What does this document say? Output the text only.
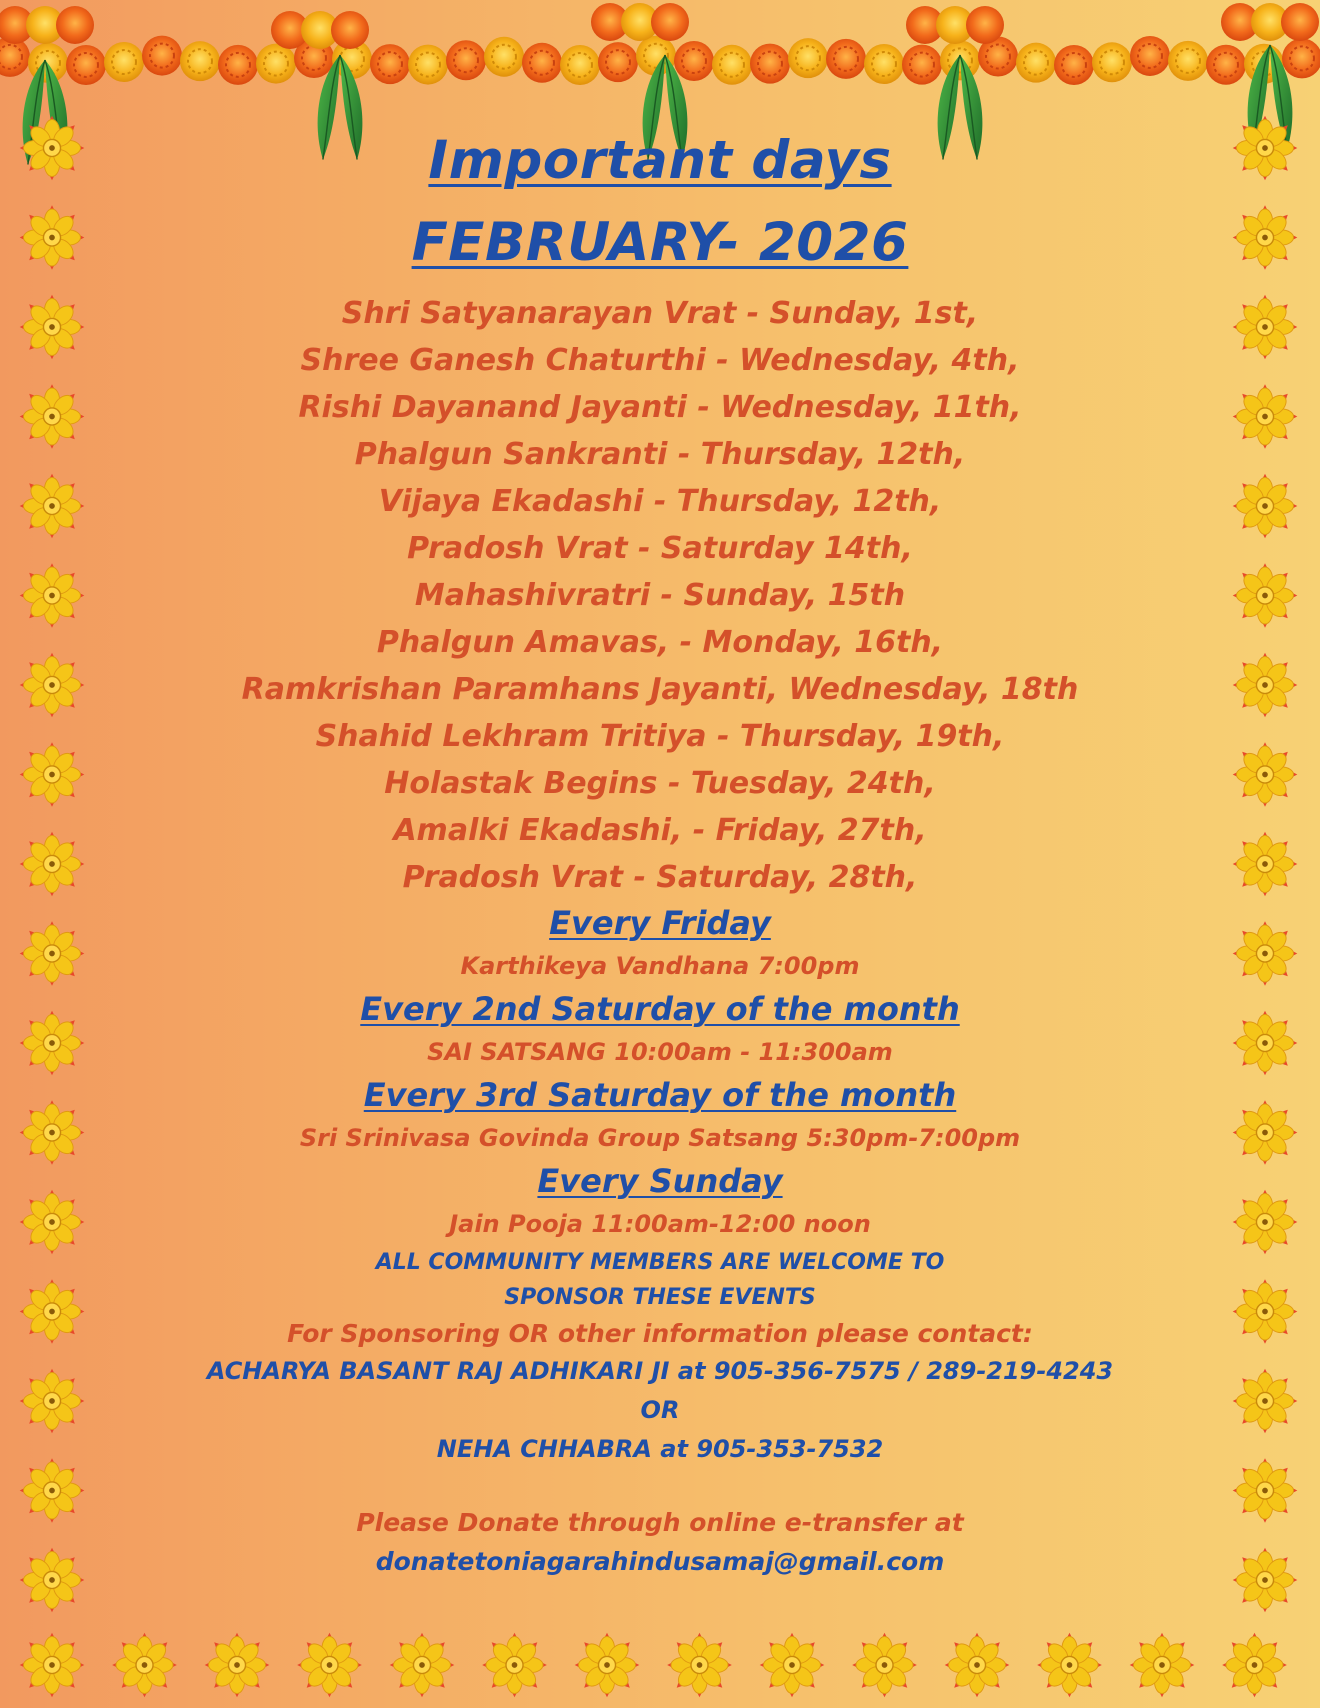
Important days
FEBRUARY- 2026
Shri Satyanarayan Vrat - Sunday, 1st,
Shree Ganesh Chaturthi - Wednesday, 4th,
Rishi Dayanand Jayanti - Wednesday, 11th,
Phalgun Sankranti - Thursday, 12th,
Vijaya Ekadashi - Thursday, 12th,
Pradosh Vrat - Saturday 14th,
Mahashivratri - Sunday, 15th
Phalgun Amavas, - Monday, 16th,
Ramkrishan Paramhans Jayanti, Wednesday, 18th
Shahid Lekhram Tritiya - Thursday, 19th,
Holastak Begins - Tuesday, 24th,
Amalki Ekadashi, - Friday, 27th,
Pradosh Vrat - Saturday, 28th,
Every Friday
Karthikeya Vandhana 7:00pm
Every 2nd Saturday of the month
SAI SATSANG 10:00am - 11:300am
Every 3rd Saturday of the month
Sri Srinivasa Govinda Group Satsang 5:30pm-7:00pm
Every Sunday
Jain Pooja 11:00am-12:00 noon
ALL COMMUNITY MEMBERS ARE WELCOME TO
SPONSOR THESE EVENTS
For Sponsoring OR other information please contact:
ACHARYA BASANT RAJ ADHIKARI JI at 905-356-7575 / 289-219-4243
OR
NEHA CHHABRA at 905-353-7532
Please Donate through online e-transfer at
donatetoniagarahindusamaj@gmail.com
